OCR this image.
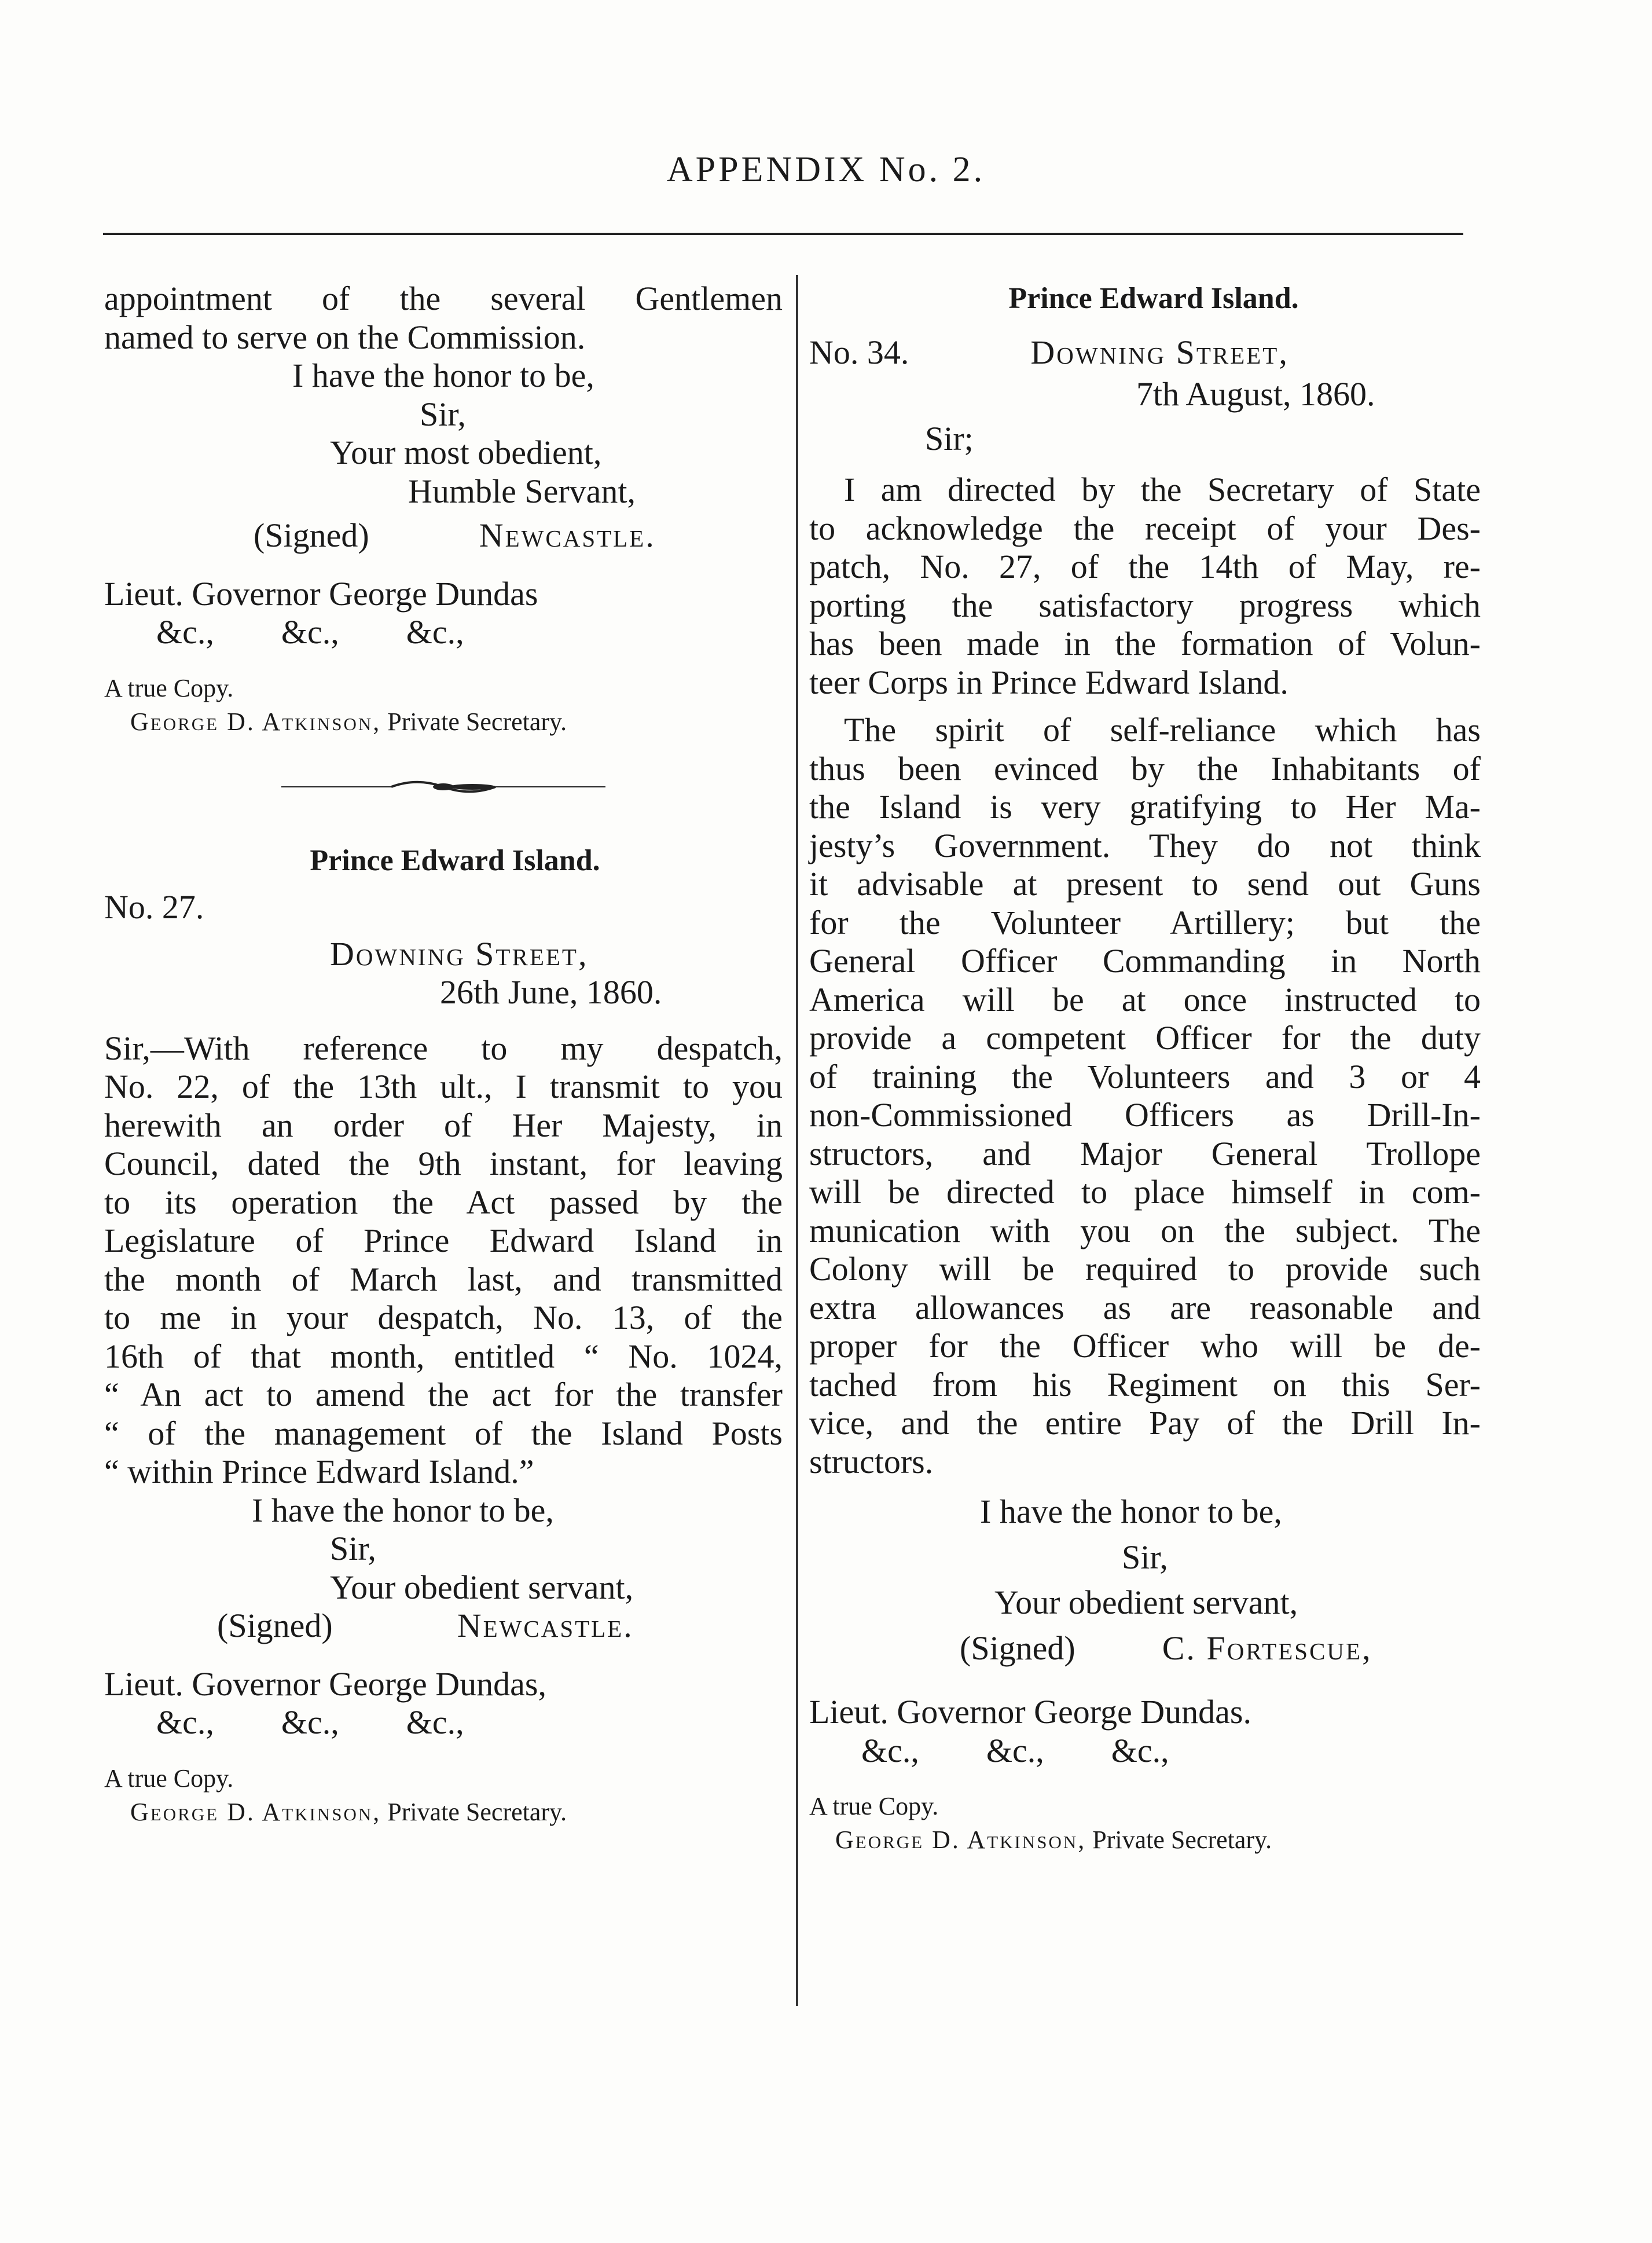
APPENDIX No. 2.
appointment of the several Gentlemen
named to serve on the Commission.
I have the honor to be,
Sir,
Your most obedient,
Humble Servant,
(Signed)	Newcastle.
Lieut. Governor George Dundas
&c.,        &c.,        &c.,
A true Copy.
George D. Atkinson, Private Secretary.
Prince Edward Island.
No. 27.
Downing Street,
26th June, 1860.
Sir,—With reference to my despatch,
No. 22, of the 13th ult., I transmit to you
herewith an order of Her Majesty, in
Council, dated the 9th instant, for leaving
to its operation the Act passed by the
Legislature of Prince Edward Island in
the month of March last, and transmitted
to me in your despatch, No. 13, of the
16th of that month, entitled “ No. 1024,
“ An act to amend the act for the transfer
“ of the management of the Island Posts
“ within Prince Edward Island.”
I have the honor to be,
Sir,
Your obedient servant,
(Signed)	Newcastle.
Lieut. Governor George Dundas,
&c.,        &c.,        &c.,
A true Copy.
George D. Atkinson, Private Secretary.
Prince Edward Island.
No. 34.	Downing Street,
7th August, 1860.
Sir;
I am directed by the Secretary of State
to acknowledge the receipt of your Des-
patch, No. 27, of the 14th of May, re-
porting the satisfactory progress which
has been made in the formation of Volun-
teer Corps in Prince Edward Island.
The spirit of self-reliance which has
thus been evinced by the Inhabitants of
the Island is very gratifying to Her Ma-
jesty’s Government. They do not think
it advisable at present to send out Guns
for the Volunteer Artillery; but the
General Officer Commanding in North
America will be at once instructed to
provide a competent Officer for the duty
of training the Volunteers and 3 or 4
non-Commissioned Officers as Drill-In-
structors, and Major General Trollope
will be directed to place himself in com-
munication with you on the subject. The
Colony will be required to provide such
extra allowances as are reasonable and
proper for the Officer who will be de-
tached from his Regiment on this Ser-
vice, and the entire Pay of the Drill In-
structors.
I have the honor to be,
Sir,
Your obedient servant,
(Signed)	C. Fortescue,
Lieut. Governor George Dundas.
&c.,        &c.,        &c.,
A true Copy.
George D. Atkinson, Private Secretary.
